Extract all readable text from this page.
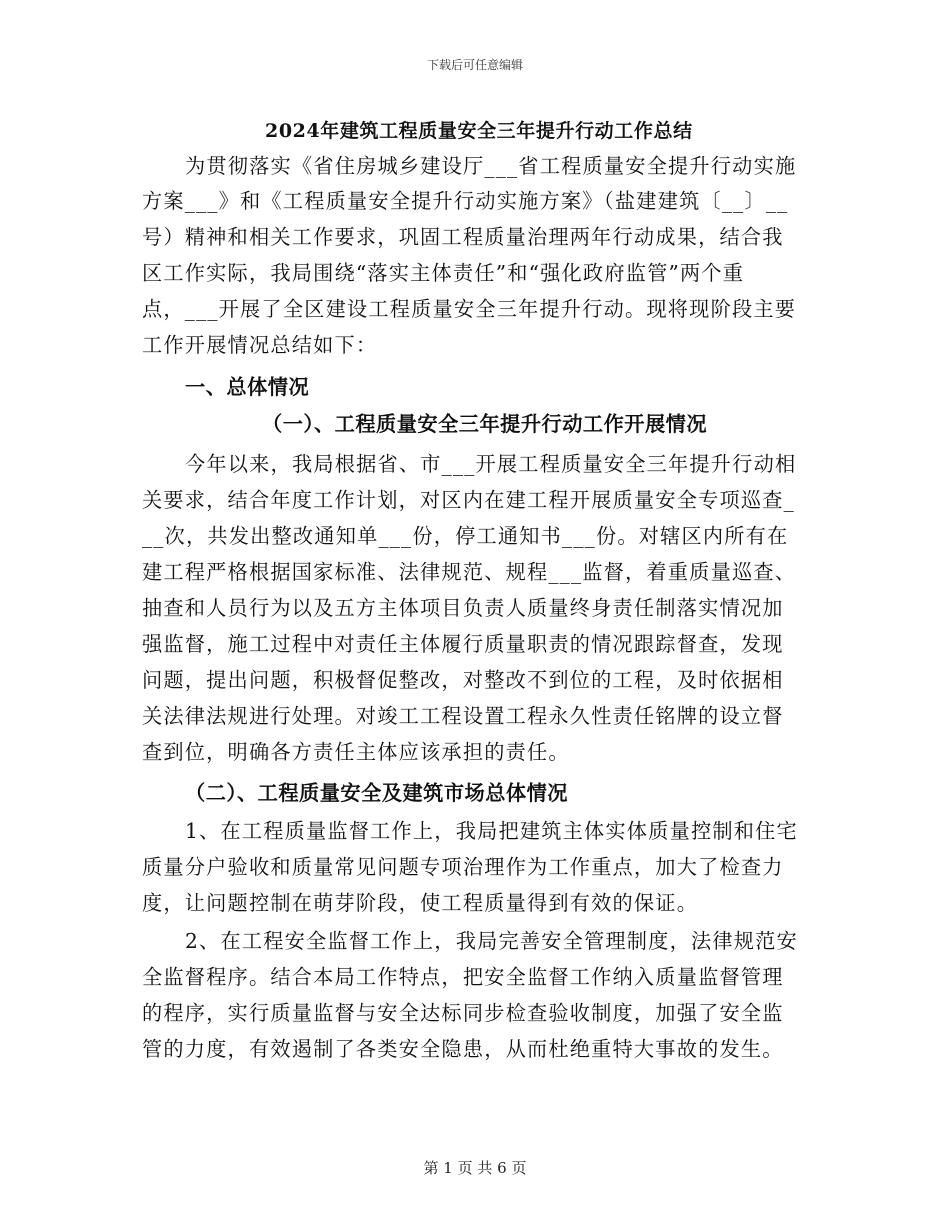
下载后可任意编辑
2024年建筑工程质量安全三年提升行动工作总结
为贯彻落实《省住房城乡建设厅___省工程质量安全提升行动实施
方案___》和《工程质量安全提升行动实施方案》（盐建建筑〔__〕__
号）精神和相关工作要求，巩固工程质量治理两年行动成果，结合我
区工作实际，我局围绕“落实主体责任”和“强化政府监管”两个重
点，___开展了全区建设工程质量安全三年提升行动。现将现阶段主要
工作开展情况总结如下：
一、总体情况
（一）、工程质量安全三年提升行动工作开展情况
今年以来，我局根据省、市___开展工程质量安全三年提升行动相
关要求，结合年度工作计划，对区内在建工程开展质量安全专项巡查_
__次，共发出整改通知单___份，停工通知书___份。对辖区内所有在
建工程严格根据国家标准、法律规范、规程___监督，着重质量巡查、
抽查和人员行为以及五方主体项目负责人质量终身责任制落实情况加
强监督，施工过程中对责任主体履行质量职责的情况跟踪督查，发现
问题，提出问题，积极督促整改，对整改不到位的工程，及时依据相
关法律法规进行处理。对竣工工程设置工程永久性责任铭牌的设立督
查到位，明确各方责任主体应该承担的责任。
（二）、工程质量安全及建筑市场总体情况
1、在工程质量监督工作上，我局把建筑主体实体质量控制和住宅
质量分户验收和质量常见问题专项治理作为工作重点，加大了检查力
度，让问题控制在萌芽阶段，使工程质量得到有效的保证。
2、在工程安全监督工作上，我局完善安全管理制度，法律规范安
全监督程序。结合本局工作特点，把安全监督工作纳入质量监督管理
的程序，实行质量监督与安全达标同步检查验收制度，加强了安全监
管的力度，有效遏制了各类安全隐患，从而杜绝重特大事故的发生。
第 1 页 共 6 页
